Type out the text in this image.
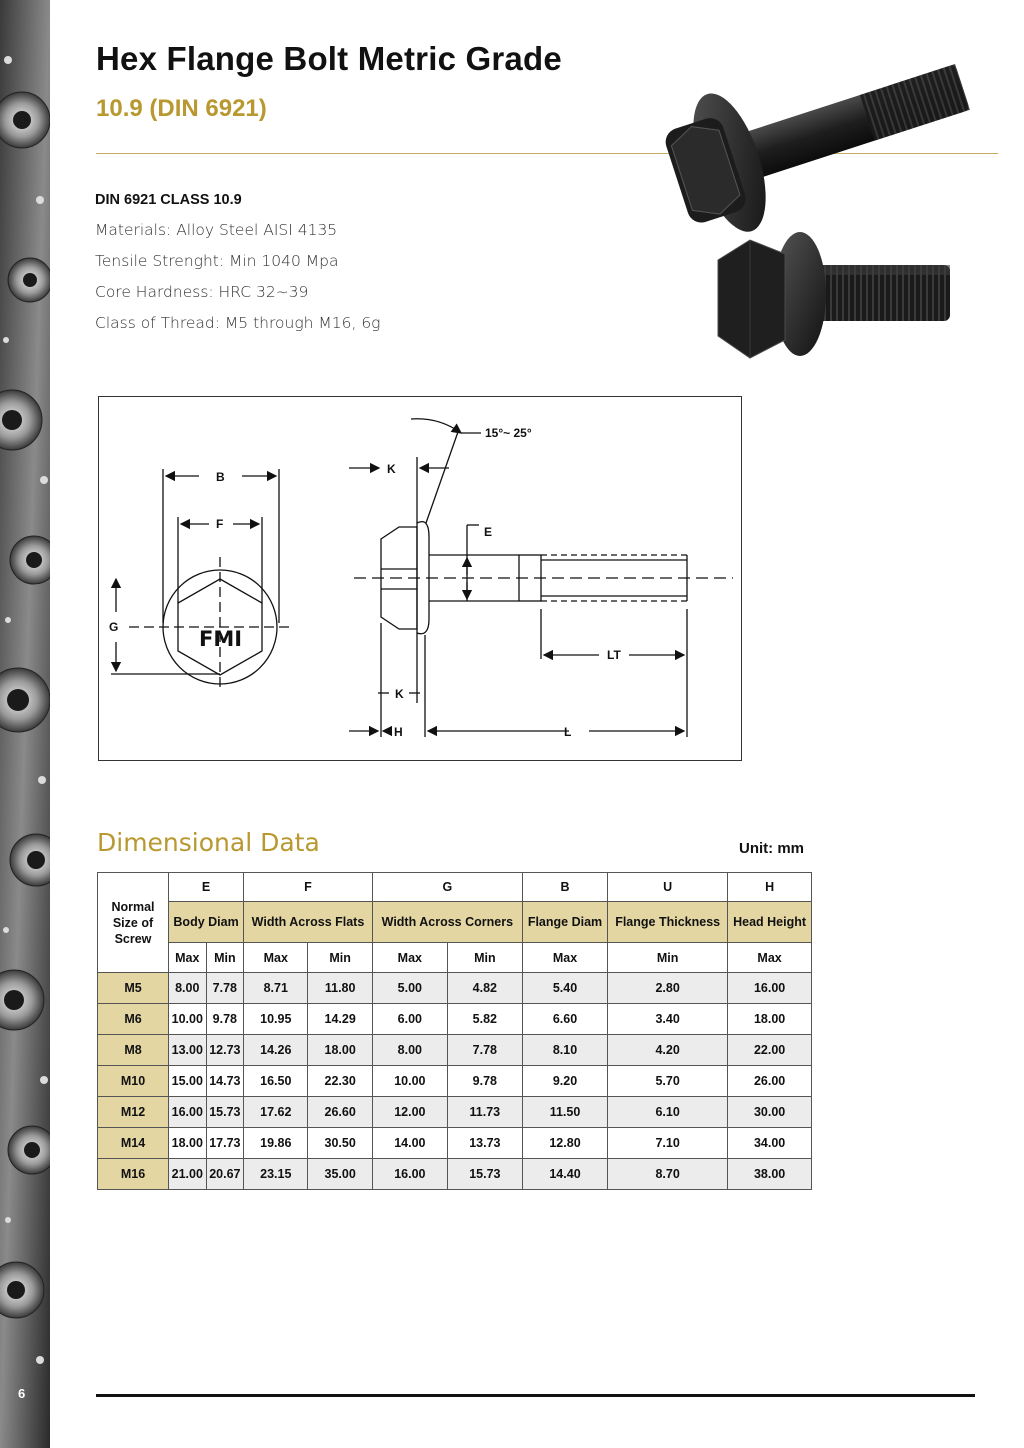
6
Hex Flange Bolt Metric Grade
10.9 (DIN 6921)
DIN 6921 CLASS 10.9
Materials: Alloy Steel AISI 4135
Tensile Strenght: Min 1040 Mpa
Core Hardness: HRC 32~39
Class of Thread: M5 through M16, 6g
B
F
G
K
15°~ 25°
E
LT
K
H	L
FMI
Dimensional Data	Unit: mm
Normal Size of Screw	E		F		G		B	U	H
	Body Diam		Width Across Flats		Width Across Corners		Flange Diam	Flange Thickness	Head Height
	Max	Min	Max	Min	Max	Min	Max	Min	Max
M5	8.00	7.78	8.71	11.80	5.00	4.82	5.40	2.80	16.00
M6	10.00	9.78	10.95	14.29	6.00	5.82	6.60	3.40	18.00
M8	13.00	12.73	14.26	18.00	8.00	7.78	8.10	4.20	22.00
M10	15.00	14.73	16.50	22.30	10.00	9.78	9.20	5.70	26.00
M12	16.00	15.73	17.62	26.60	12.00	11.73	11.50	6.10	30.00
M14	18.00	17.73	19.86	30.50	14.00	13.73	12.80	7.10	34.00
M16	21.00	20.67	23.15	35.00	16.00	15.73	14.40	8.70	38.00
